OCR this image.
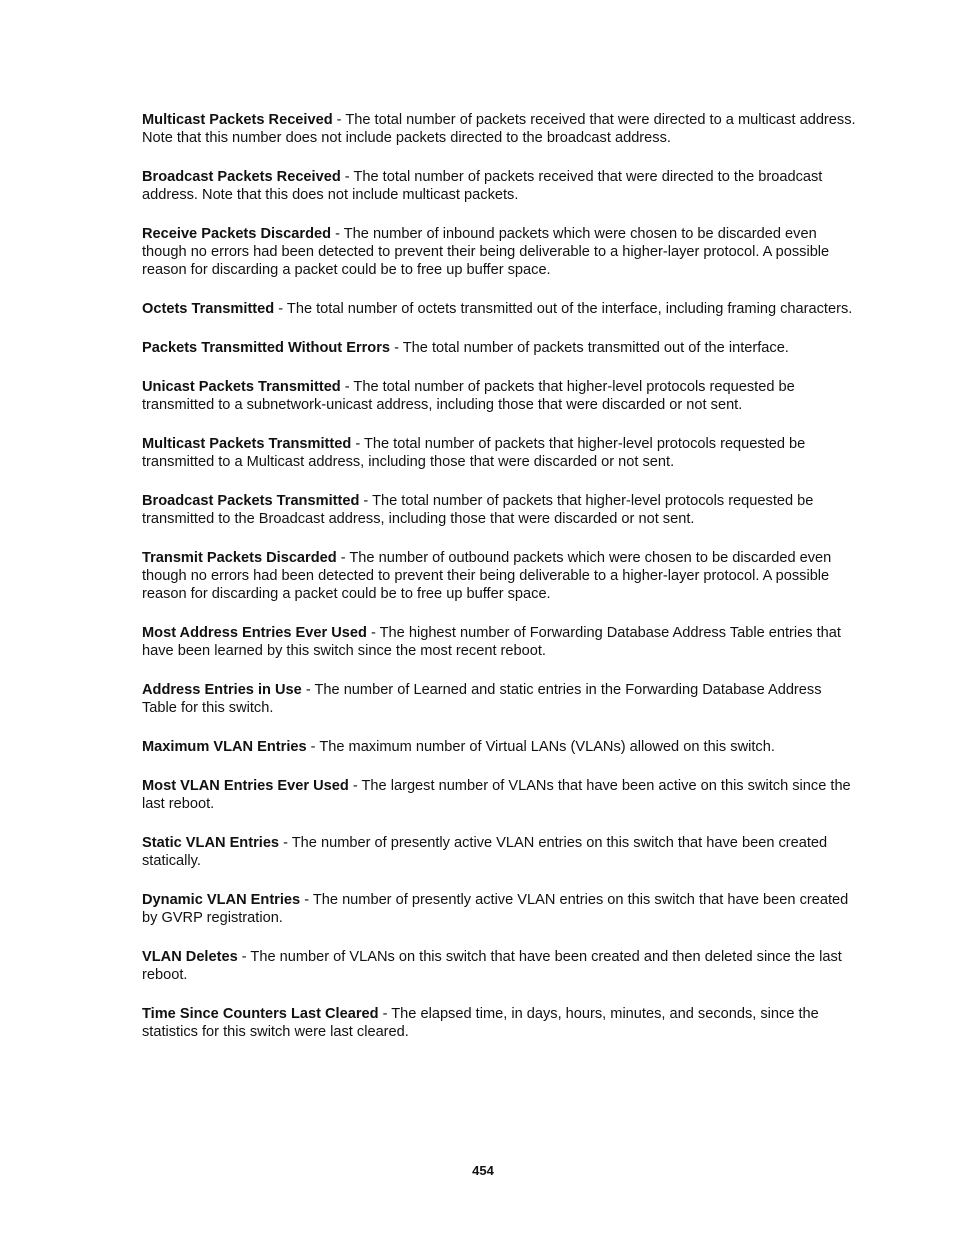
Multicast Packets Received - The total number of packets received that were directed to a multicast address. Note that this number does not include packets directed to the broadcast address.

Broadcast Packets Received - The total number of packets received that were directed to the broadcast address. Note that this does not include multicast packets.

Receive Packets Discarded - The number of inbound packets which were chosen to be discarded even though no errors had been detected to prevent their being deliverable to a higher-layer protocol. A possible reason for discarding a packet could be to free up buffer space.

Octets Transmitted - The total number of octets transmitted out of the interface, including framing characters.

Packets Transmitted Without Errors - The total number of packets transmitted out of the interface.

Unicast Packets Transmitted - The total number of packets that higher-level protocols requested be transmitted to a subnetwork-unicast address, including those that were discarded or not sent.

Multicast Packets Transmitted - The total number of packets that higher-level protocols requested be transmitted to a Multicast address, including those that were discarded or not sent.

Broadcast Packets Transmitted - The total number of packets that higher-level protocols requested be transmitted to the Broadcast address, including those that were discarded or not sent.

Transmit Packets Discarded - The number of outbound packets which were chosen to be discarded even though no errors had been detected to prevent their being deliverable to a higher-layer protocol. A possible reason for discarding a packet could be to free up buffer space.

Most Address Entries Ever Used - The highest number of Forwarding Database Address Table entries that have been learned by this switch since the most recent reboot.

Address Entries in Use - The number of Learned and static entries in the Forwarding Database Address Table for this switch.

Maximum VLAN Entries - The maximum number of Virtual LANs (VLANs) allowed on this switch.

Most VLAN Entries Ever Used - The largest number of VLANs that have been active on this switch since the last reboot.

Static VLAN Entries - The number of presently active VLAN entries on this switch that have been created statically.

Dynamic VLAN Entries - The number of presently active VLAN entries on this switch that have been created by GVRP registration.

VLAN Deletes - The number of VLANs on this switch that have been created and then deleted since the last reboot.

Time Since Counters Last Cleared - The elapsed time, in days, hours, minutes, and seconds, since the statistics for this switch were last cleared.

454
